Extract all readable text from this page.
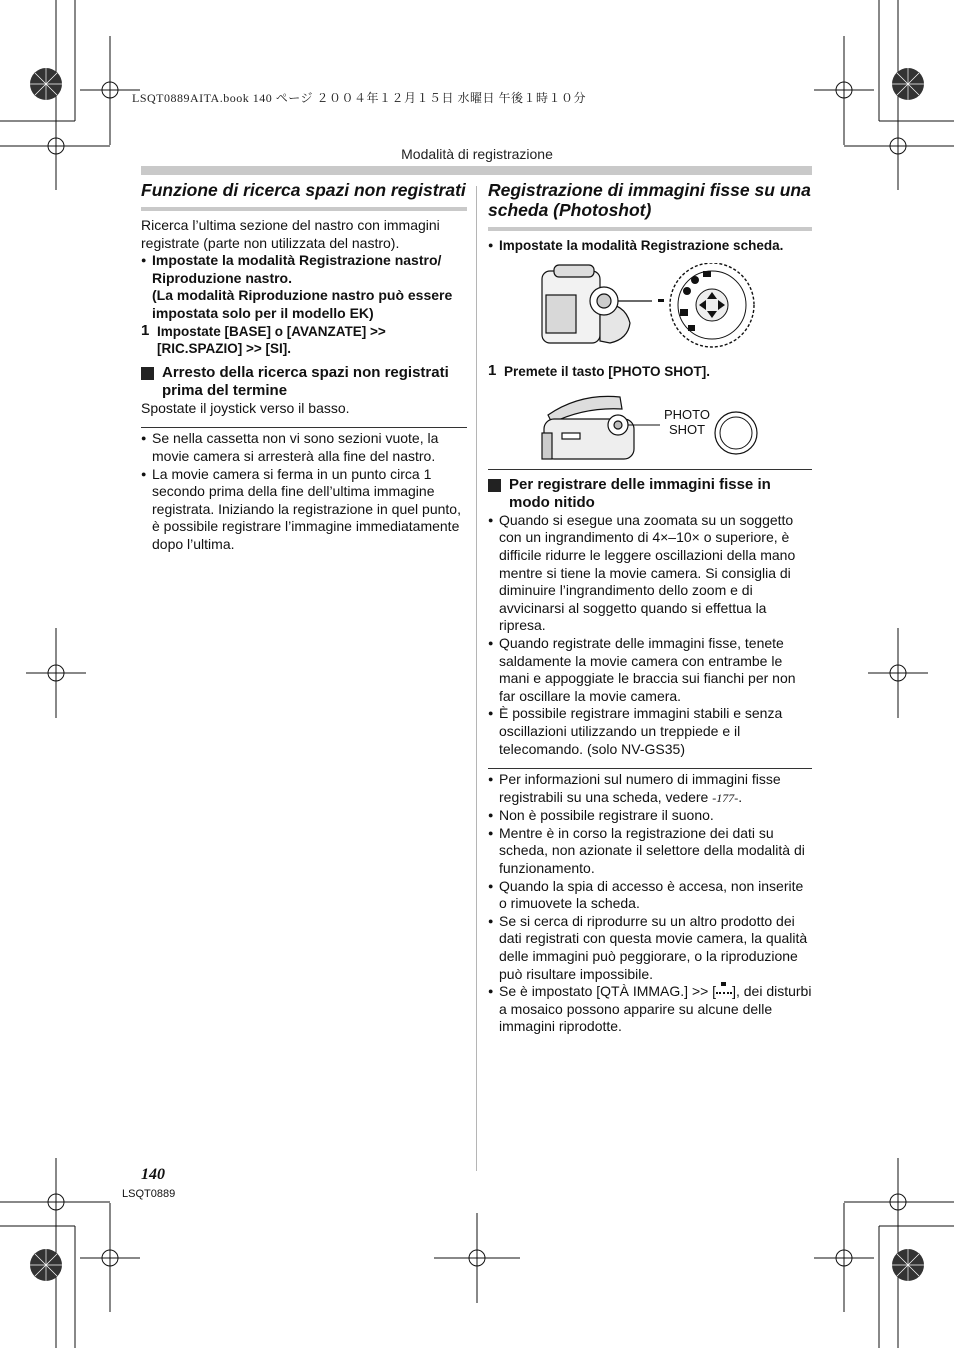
LSQT0889AITA.book 140 ページ ２００４年１２月１５日 水曜日 午後１時１０分
Modalità di registrazione
Funzione di ricerca spazi non registrati

Ricerca l’ultima sezione del nastro con immagini registrate (parte non utilizzata del nastro).

● Impostate la modalità Registrazione nastro/ Riproduzione nastro.
(La modalità Riproduzione nastro può essere impostata solo per il modello EK)
1 Impostate [BASE] o [AVANZATE] >> [RIC.SPAZIO] >> [SI].
Arresto della ricerca spazi non registrati prima del termine

Spostate il joystick verso il basso.

● Se nella cassetta non vi sono sezioni vuote, la movie camera si arresterà alla fine del nastro.
● La movie camera si ferma in un punto circa 1 secondo prima della fine dell’ultima immagine registrata. Iniziando la registrazione in quel punto, è possibile registrare l’immagine immediatamente dopo l’ultima.
Registrazione di immagini fisse su una scheda (Photoshot)
● Impostate la modalità Registrazione scheda.
1 Premete il tasto [PHOTO SHOT].
PHOTO
SHOT
Per registrare delle immagini fisse in modo nitido
● Quando si esegue una zoomata su un soggetto con un ingrandimento di 4×–10× o superiore, è difficile ridurre le leggere oscillazioni della mano mentre si tiene la movie camera. Si consiglia di diminuire l’ingrandimento dello zoom e di avvicinarsi al soggetto quando si effettua la ripresa.
● Quando registrate delle immagini fisse, tenete saldamente la movie camera con entrambe le mani e appoggiate le braccia sui fianchi per non far oscillare la movie camera.
● È possibile registrare immagini stabili e senza oscillazioni utilizzando un treppiede e il telecomando. (solo NV-GS35)
● Per informazioni sul numero di immagini fisse registrabili su una scheda, vedere -177-.
● Non è possibile registrare il suono.
● Mentre è in corso la registrazione dei dati su scheda, non azionate il selettore della modalità di funzionamento.
● Quando la spia di accesso è accesa, non inserite o rimuovete la scheda.
● Se si cerca di riprodurre su un altro prodotto dei dati registrati con questa movie camera, la qualità delle immagini può peggiorare, o la riproduzione può risultare impossibile.
● Se è impostato [QTÀ IMMAG.] >> [ ], dei disturbi a mosaico possono apparire su alcune delle immagini riprodotte.
140
LSQT0889
